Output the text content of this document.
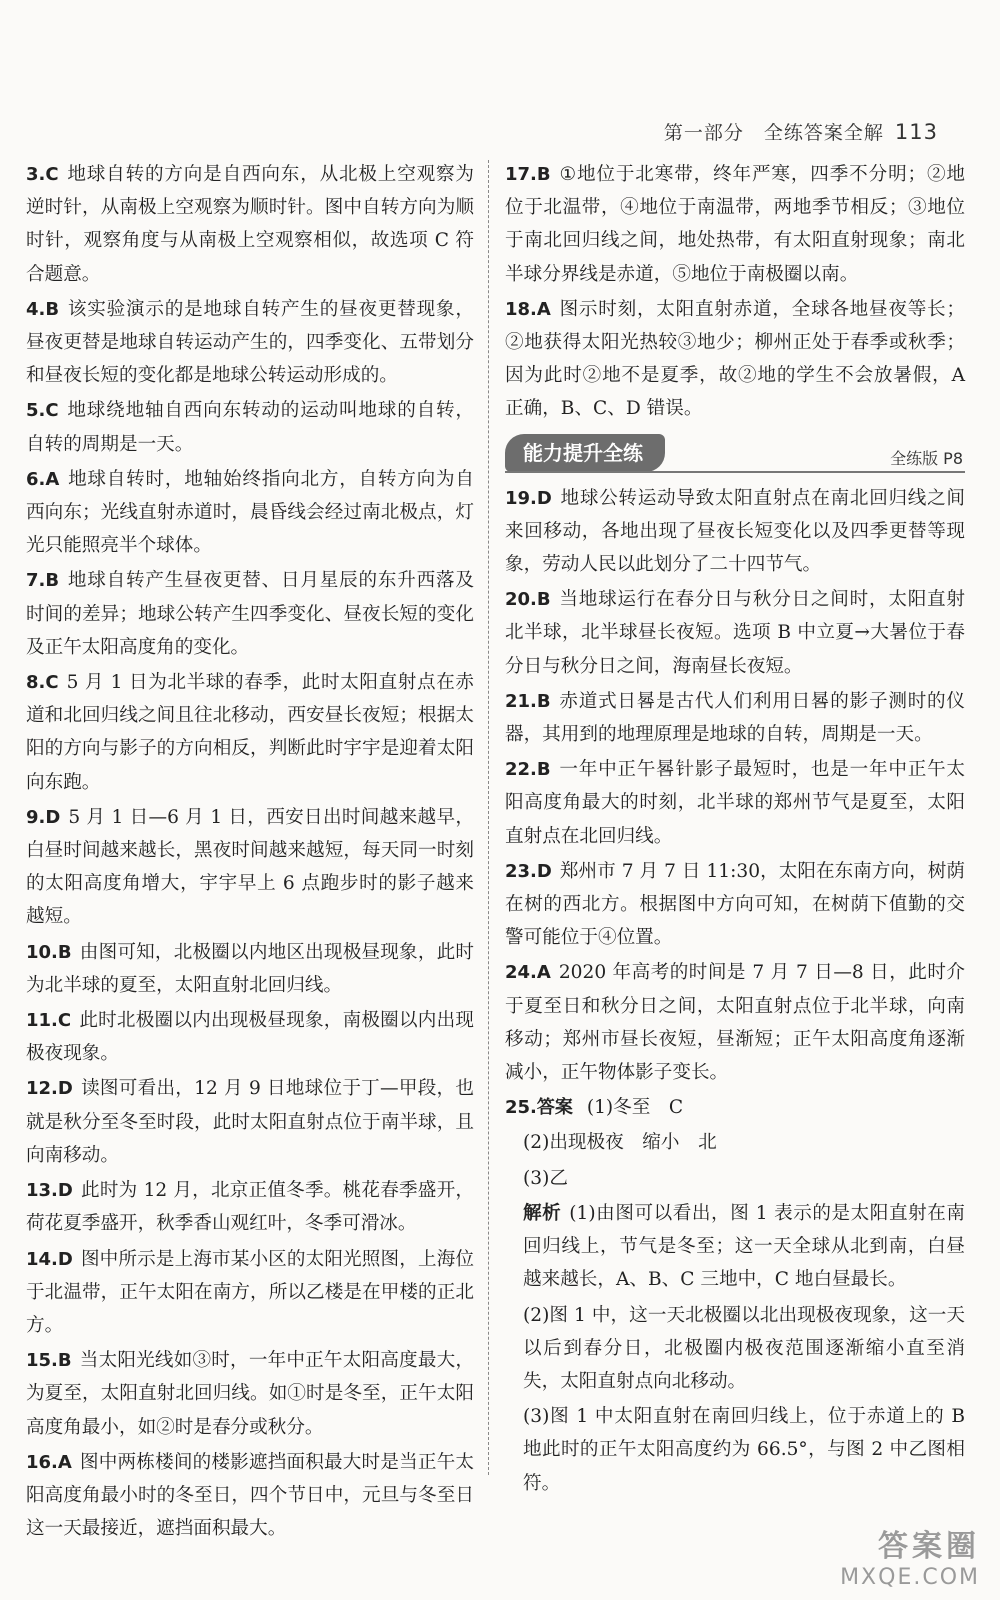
第一部分　全练答案全解 113

3.C 地球自转的方向是自西向东，从北极上空观察为逆时针，从南极上空观察为顺时针。图中自转方向为顺时针，观察角度与从南极上空观察相似，故选项 C 符合题意。

4.B 该实验演示的是地球自转产生的昼夜更替现象，昼夜更替是地球自转运动产生的，四季变化、五带划分和昼夜长短的变化都是地球公转运动形成的。

5.C 地球绕地轴自西向东转动的运动叫地球的自转，自转的周期是一天。

6.A 地球自转时，地轴始终指向北方，自转方向为自西向东；光线直射赤道时，晨昏线会经过南北极点，灯光只能照亮半个球体。

7.B 地球自转产生昼夜更替、日月星辰的东升西落及时间的差异；地球公转产生四季变化、昼夜长短的变化及正午太阳高度角的变化。

8.C 5 月 1 日为北半球的春季，此时太阳直射点在赤道和北回归线之间且往北移动，西安昼长夜短；根据太阳的方向与影子的方向相反，判断此时宇宇是迎着太阳向东跑。

9.D 5 月 1 日—6 月 1 日，西安日出时间越来越早，白昼时间越来越长，黑夜时间越来越短，每天同一时刻的太阳高度角增大，宇宇早上 6 点跑步时的影子越来越短。

10.B 由图可知，北极圈以内地区出现极昼现象，此时为北半球的夏至，太阳直射北回归线。

11.C 此时北极圈以内出现极昼现象，南极圈以内出现极夜现象。

12.D 读图可看出，12 月 9 日地球位于丁—甲段，也就是秋分至冬至时段，此时太阳直射点位于南半球，且向南移动。

13.D 此时为 12 月，北京正值冬季。桃花春季盛开，荷花夏季盛开，秋季香山观红叶，冬季可滑冰。

14.D 图中所示是上海市某小区的太阳光照图，上海位于北温带，正午太阳在南方，所以乙楼是在甲楼的正北方。

15.B 当太阳光线如③时，一年中正午太阳高度最大，为夏至，太阳直射北回归线。如①时是冬至，正午太阳高度角最小，如②时是春分或秋分。

16.A 图中两栋楼间的楼影遮挡面积最大时是当正午太阳高度角最小时的冬至日，四个节日中，元旦与冬至日这一天最接近，遮挡面积最大。

17.B ①地位于北寒带，终年严寒，四季不分明；②地位于北温带，④地位于南温带，两地季节相反；③地位于南北回归线之间，地处热带，有太阳直射现象；南北半球分界线是赤道，⑤地位于南极圈以南。

18.A 图示时刻，太阳直射赤道，全球各地昼夜等长；②地获得太阳光热较③地少；柳州正处于春季或秋季；因为此时②地不是夏季，故②地的学生不会放暑假，A 正确，B、C、D 错误。

能力提升全练	全练版 P8

19.D 地球公转运动导致太阳直射点在南北回归线之间来回移动，各地出现了昼夜长短变化以及四季更替等现象，劳动人民以此划分了二十四节气。

20.B 当地球运行在春分日与秋分日之间时，太阳直射北半球，北半球昼长夜短。选项 B 中立夏→大暑位于春分日与秋分日之间，海南昼长夜短。

21.B 赤道式日晷是古代人们利用日晷的影子测时的仪器，其用到的地理原理是地球的自转，周期是一天。

22.B 一年中正午晷针影子最短时，也是一年中正午太阳高度角最大的时刻，北半球的郑州节气是夏至，太阳直射点在北回归线。

23.D 郑州市 7 月 7 日 11:30，太阳在东南方向，树荫在树的西北方。根据图中方向可知，在树荫下值勤的交警可能位于④位置。

24.A 2020 年高考的时间是 7 月 7 日—8 日，此时介于夏至日和秋分日之间，太阳直射点位于北半球，向南移动；郑州市昼长夜短，昼渐短；正午太阳高度角逐渐减小，正午物体影子变长。

25.答案 (1)冬至　C

(2)出现极夜　缩小　北

(3)乙

解析 (1)由图可以看出，图 1 表示的是太阳直射在南回归线上，节气是冬至；这一天全球从北到南，白昼越来越长，A、B、C 三地中，C 地白昼最长。

(2)图 1 中，这一天北极圈以北出现极夜现象，这一天以后到春分日，北极圈内极夜范围逐渐缩小直至消失，太阳直射点向北移动。

(3)图 1 中太阳直射在南回归线上，位于赤道上的 B 地此时的正午太阳高度约为 66.5°，与图 2 中乙图相符。

答案圈
MXQE.COM
